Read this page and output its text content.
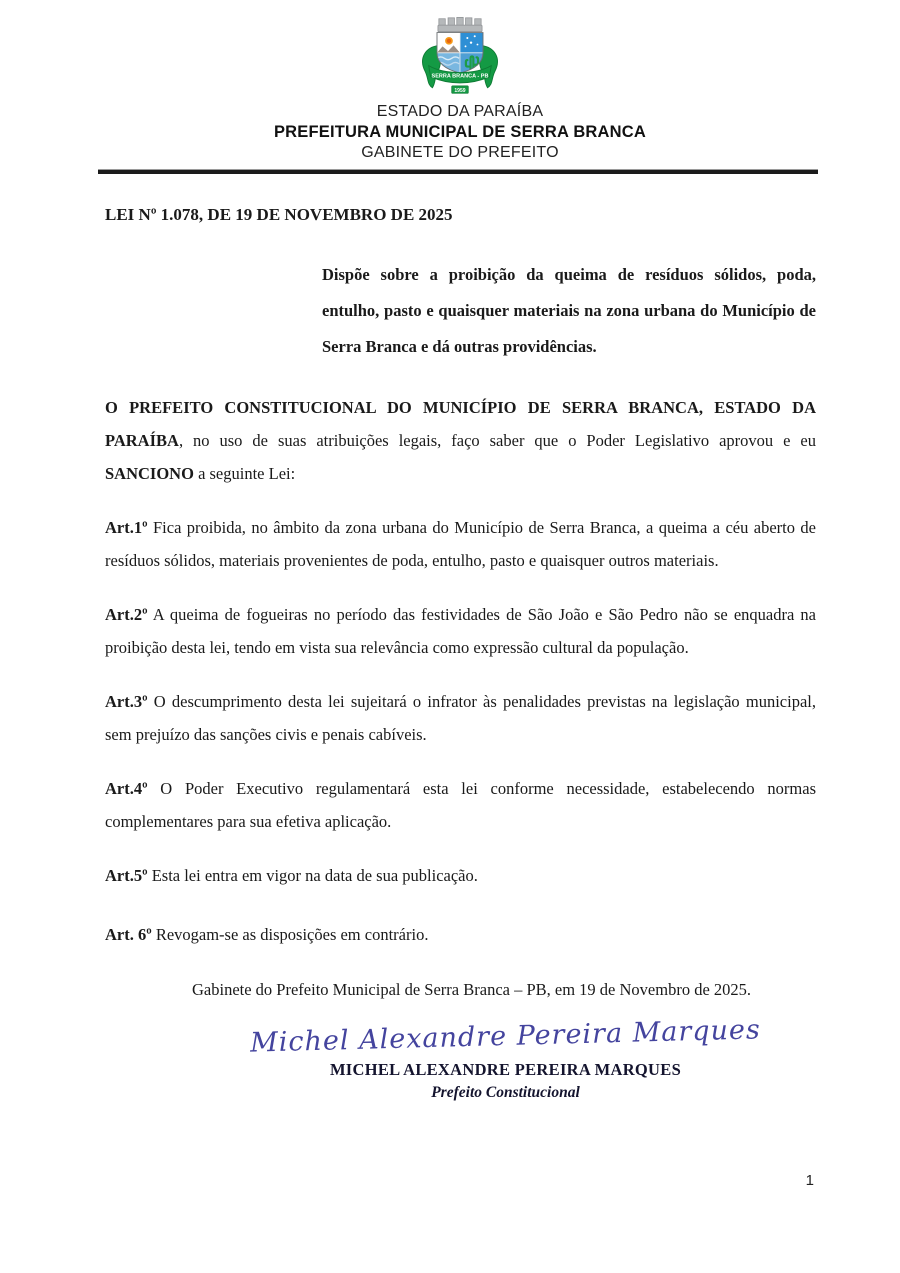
SERRA BRANCA - PB
1959
ESTADO DA PARAÍBA
PREFEITURA MUNICIPAL DE SERRA BRANCA
GABINETE DO PREFEITO

LEI Nº 1.078, DE 19 DE NOVEMBRO DE 2025

Dispõe sobre a proibição da queima de resíduos sólidos, poda, entulho, pasto e quaisquer materiais na zona urbana do Município de Serra Branca e dá outras providências.

O PREFEITO CONSTITUCIONAL DO MUNICÍPIO DE SERRA BRANCA, ESTADO DA PARAÍBA, no uso de suas atribuições legais, faço saber que o Poder Legislativo aprovou e eu SANCIONO a seguinte Lei:

Art.1º Fica proibida, no âmbito da zona urbana do Município de Serra Branca, a queima a céu aberto de resíduos sólidos, materiais provenientes de poda, entulho, pasto e quaisquer outros materiais.

Art.2º A queima de fogueiras no período das festividades de São João e São Pedro não se enquadra na proibição desta lei, tendo em vista sua relevância como expressão cultural da população.

Art.3º O descumprimento desta lei sujeitará o infrator às penalidades previstas na legislação municipal, sem prejuízo das sanções civis e penais cabíveis.

Art.4º O Poder Executivo regulamentará esta lei conforme necessidade, estabelecendo normas complementares para sua efetiva aplicação.

Art.5º Esta lei entra em vigor na data de sua publicação.

Art. 6º Revogam-se as disposições em contrário.

Gabinete do Prefeito Municipal de Serra Branca – PB, em 19 de Novembro de 2025.

Michel Alexandre Pereira Marques
MICHEL ALEXANDRE PEREIRA MARQUES
Prefeito Constitucional
1
